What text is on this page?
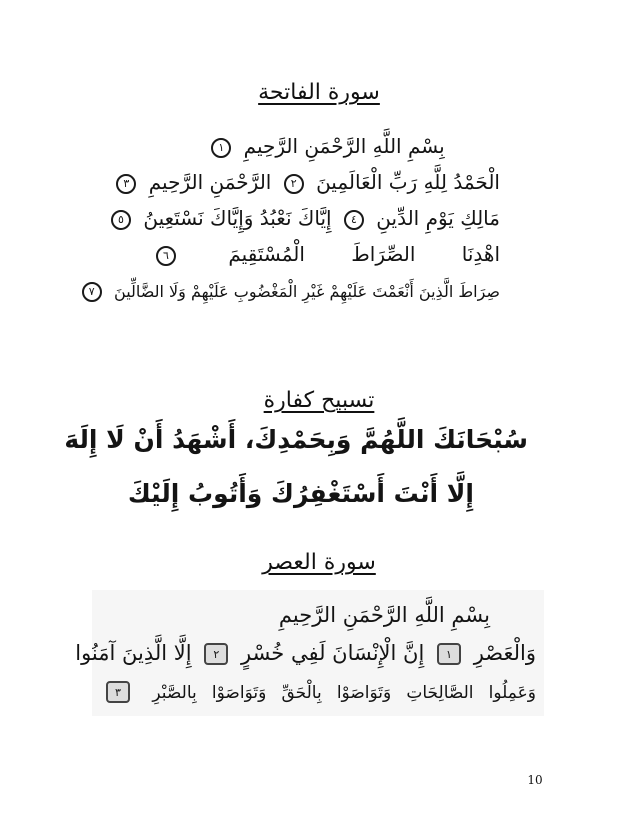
سورة الفاتحة
بِسْمِ اللَّهِ الرَّحْمَنِ الرَّحِيمِ ١
الْحَمْدُ لِلَّهِ رَبِّ الْعَالَمِينَ ٢ الرَّحْمَنِ الرَّحِيمِ ٣
مَالِكِ يَوْمِ الدِّينِ ٤ إِيَّاكَ نَعْبُدُ وَإِيَّاكَ نَسْتَعِينُ ٥
اهْدِنَا الصِّرَاطَ الْمُسْتَقِيمَ ٦
صِرَاطَ الَّذِينَ أَنْعَمْتَ عَلَيْهِمْ غَيْرِ الْمَغْضُوبِ عَلَيْهِمْ وَلَا الضَّالِّينَ ٧
تسبيح كفارة
سُبْحَانَكَ اللَّهُمَّ وَبِحَمْدِكَ، أَشْهَدُ أَنْ لَا إِلَهَ
إِلَّا أَنْتَ أَسْتَغْفِرُكَ وَأَتُوبُ إِلَيْكَ
سورة العصر
بِسْمِ اللَّهِ الرَّحْمَنِ الرَّحِيمِ
وَالْعَصْرِ ١ إِنَّ الْإِنْسَانَ لَفِي خُسْرٍ ٢ إِلَّا الَّذِينَ آمَنُوا
وَعَمِلُوا الصَّالِحَاتِ وَتَوَاصَوْا بِالْحَقِّ وَتَوَاصَوْا بِالصَّبْرِ ٣
10
